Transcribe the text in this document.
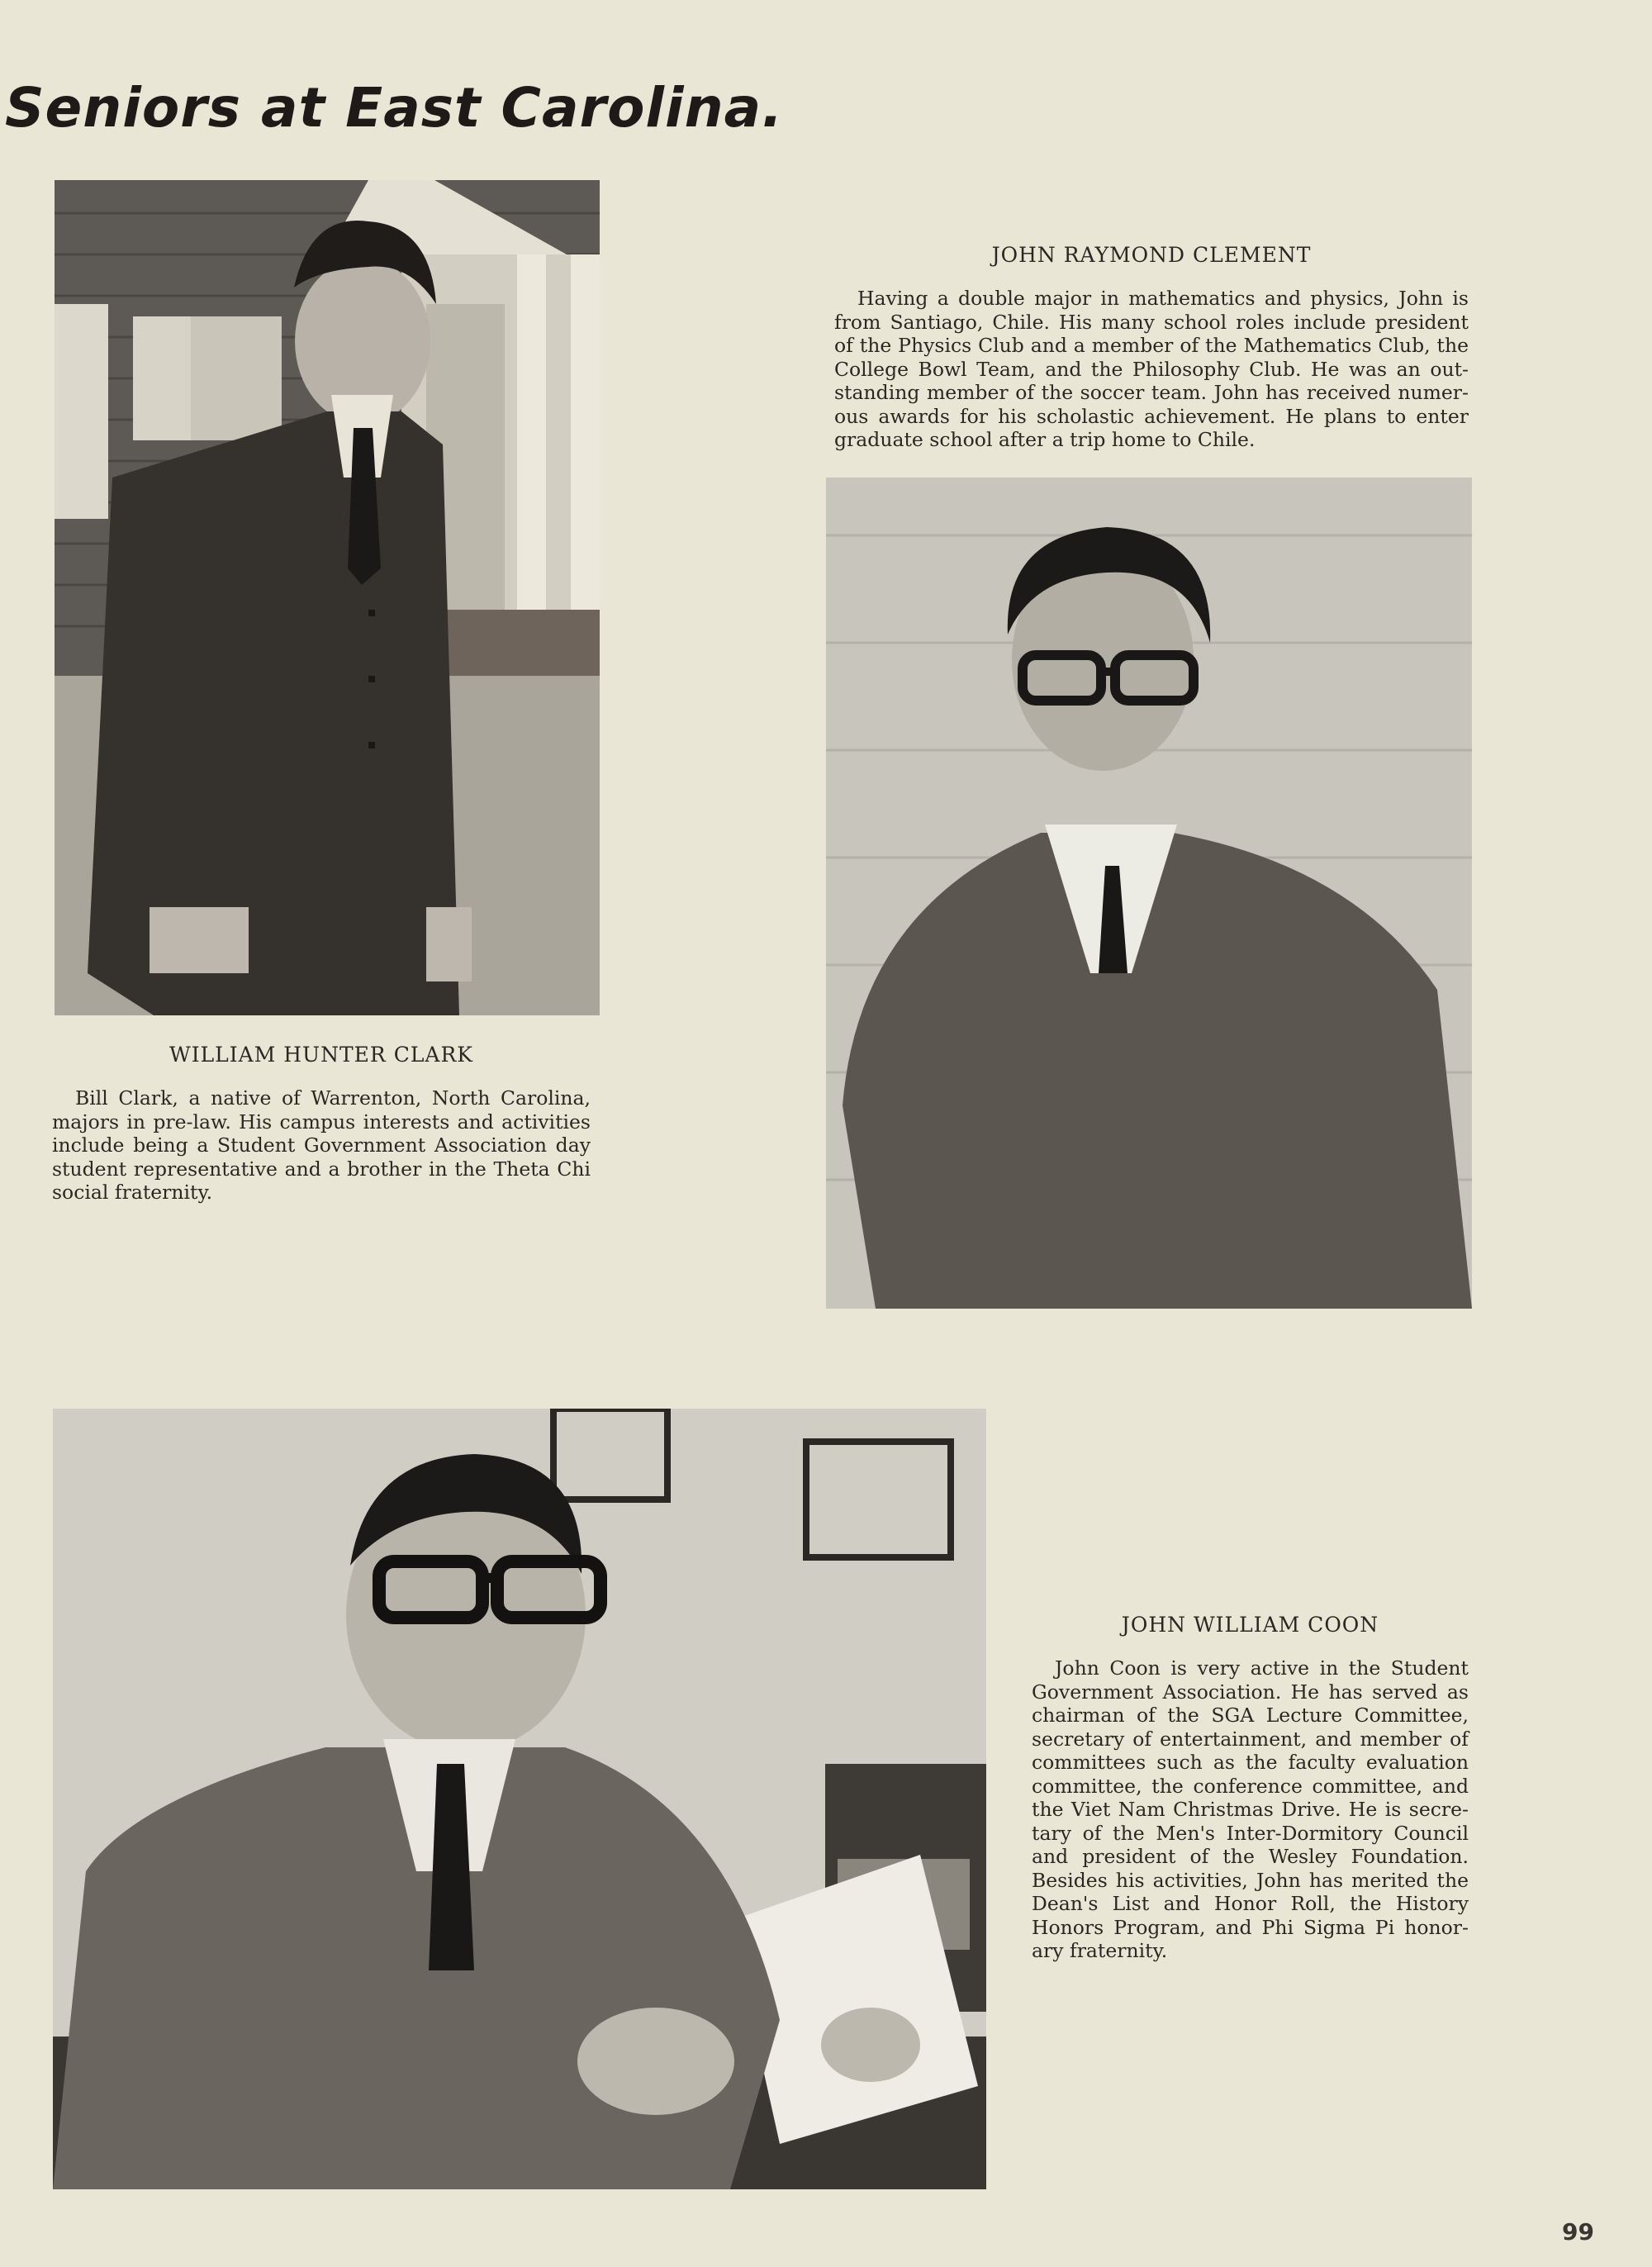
Seniors at East Carolina.
WILLIAM HUNTER CLARK

Bill Clark, a native of Warrenton, North Carolina, majors in pre-law. His campus interests and activities include being a Student Government Association day student representative and a brother in the Theta Chi social fraternity.

JOHN RAYMOND CLEMENT

Having a double major in mathematics and physics, John is from Santiago, Chile. His many school roles include president of the Physics Club and a member of the Mathematics Club, the College Bowl Team, and the Philosophy Club. He was an outstanding member of the soccer team. John has received numerous awards for his scholastic achievement. He plans to enter graduate school after a trip home to Chile.

JOHN WILLIAM COON

John Coon is very active in the Student Government Association. He has served as chairman of the SGA Lecture Committee, secretary of entertainment, and member of committees such as the faculty evaluation committee, the conference committee, and the Viet Nam Christmas Drive. He is secretary of the Men's Inter-Dormitory Council and president of the Wesley Foundation. Besides his activities, John has merited the Dean's List and Honor Roll, the History Honors Program, and Phi Sigma Pi honorary fraternity.

99
